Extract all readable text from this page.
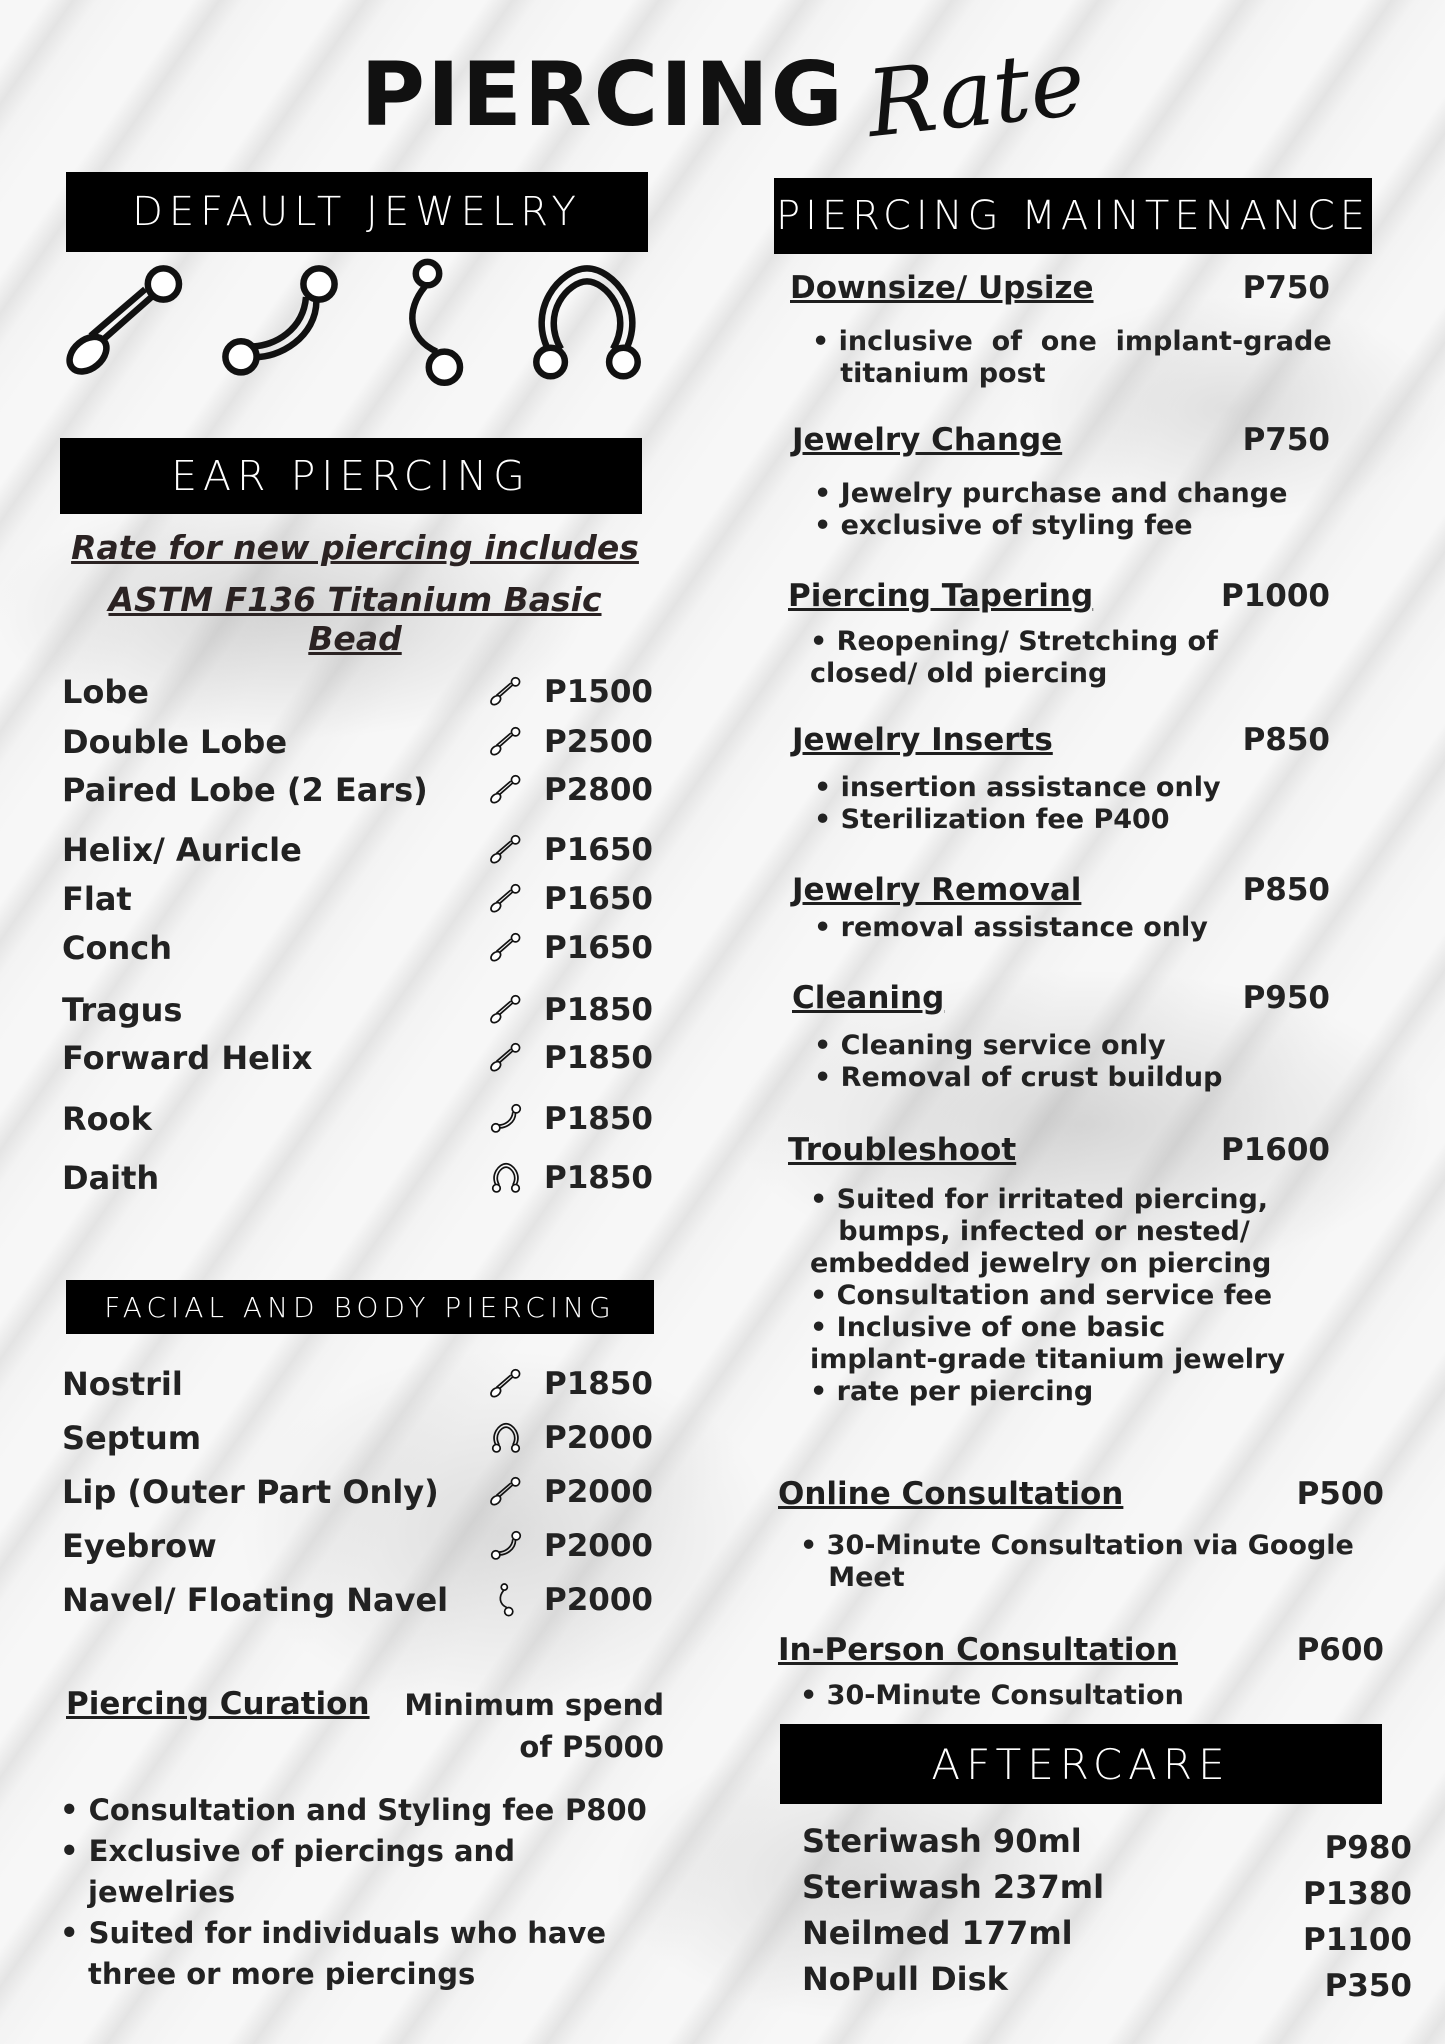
PIERCING Rate
DEFAULT JEWELRY
EAR PIERCING
Rate for new piercing includes
ASTM F136 Titanium Basic Bead
Lobe	P1500
Double Lobe	P2500
Paired Lobe (2 Ears)	P2800
Helix/ Auricle	P1650
Flat	P1650
Conch	P1650
Tragus	P1850
Forward Helix	P1850
Rook	P1850
Daith	P1850
FACIAL AND BODY PIERCING
Nostril	P1850
Septum	P2000
Lip (Outer Part Only)	P2000
Eyebrow	P2000
Navel/ Floating Navel	P2000
Piercing Curation Minimum spend
of P5000
• Consultation and Styling fee P800
• Exclusive of piercings and
jewelries
• Suited for individuals who have
three or more piercings
PIERCING MAINTENANCE
Downsize/ Upsize	P750
• inclusive  of  one  implant-grade
titanium post
Jewelry Change	P750
• Jewelry purchase and change
• exclusive of styling fee
Piercing Tapering	P1000
• Reopening/ Stretching of
closed/ old piercing
Jewelry Inserts	P850
• insertion assistance only
• Sterilization fee P400
Jewelry Removal	P850
• removal assistance only
Cleaning	P950
• Cleaning service only
• Removal of crust buildup
Troubleshoot	P1600
• Suited for irritated piercing,
bumps, infected or nested/
embedded jewelry on piercing
• Consultation and service fee
• Inclusive of one basic
implant-grade titanium jewelry
• rate per piercing
Online Consultation	P500
• 30-Minute Consultation via Google
Meet
In-Person Consultation	P600
• 30-Minute Consultation
AFTERCARE
Steriwash 90ml	P980
Steriwash 237ml	P1380
Neilmed 177ml	P1100
NoPull Disk	P350
